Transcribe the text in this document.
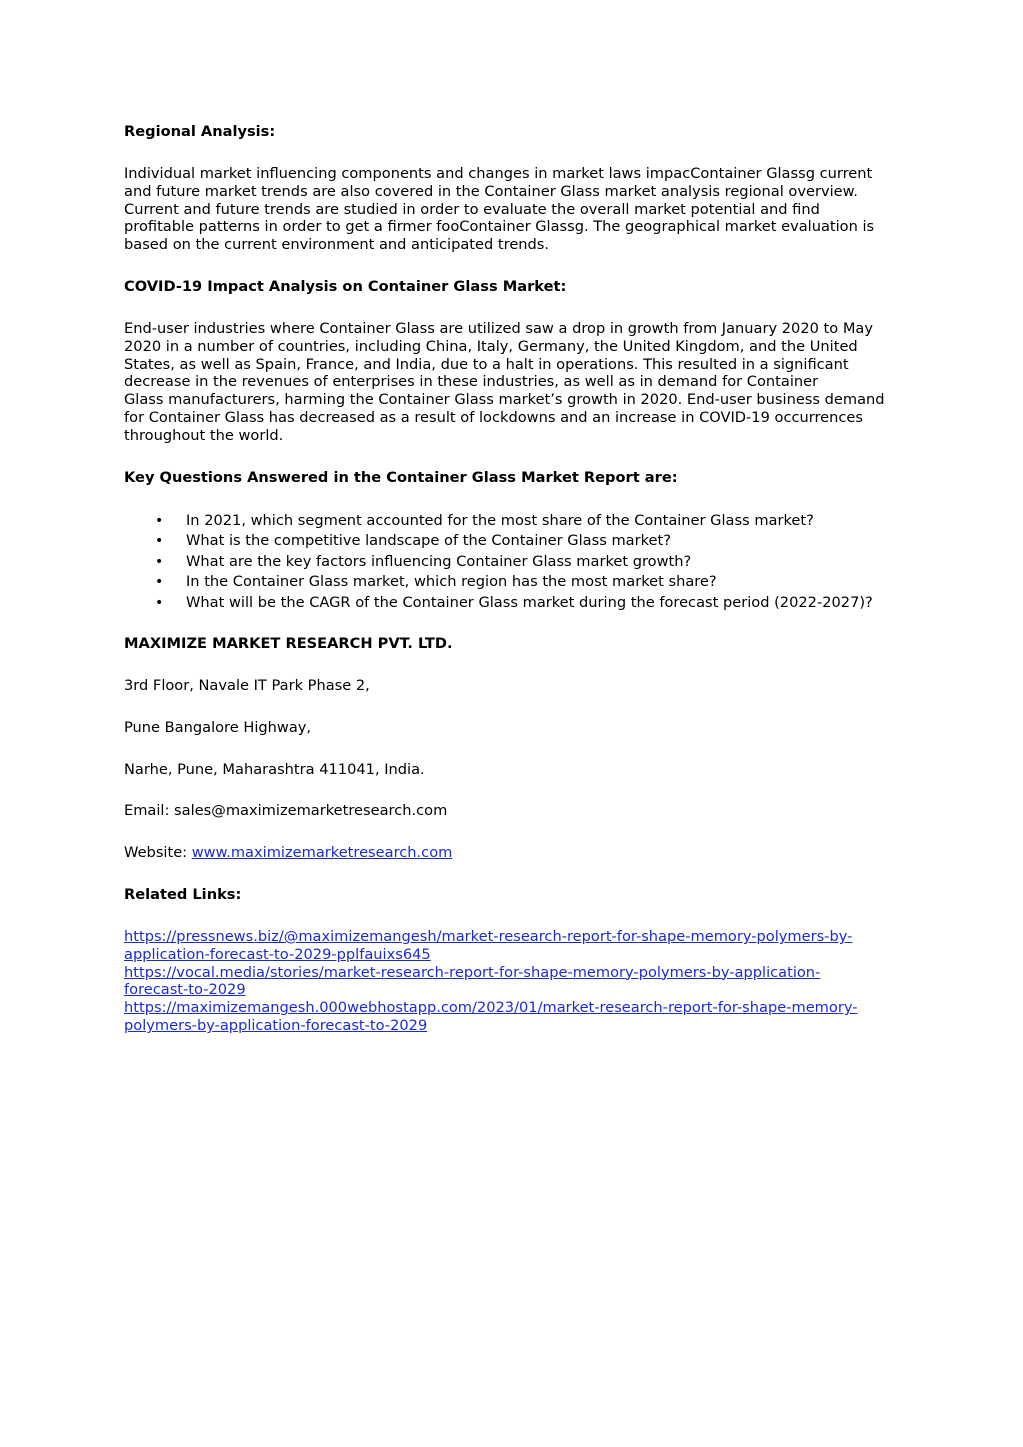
Regional Analysis:

Individual market influencing components and changes in market laws impacContainer Glassg current
and future market trends are also covered in the Container Glass market analysis regional overview.
Current and future trends are studied in order to evaluate the overall market potential and find
profitable patterns in order to get a firmer fooContainer Glassg. The geographical market evaluation is
based on the current environment and anticipated trends.

COVID-19 Impact Analysis on Container Glass Market:

End-user industries where Container Glass are utilized saw a drop in growth from January 2020 to May
2020 in a number of countries, including China, Italy, Germany, the United Kingdom, and the United
States, as well as Spain, France, and India, due to a halt in operations. This resulted in a significant
decrease in the revenues of enterprises in these industries, as well as in demand for Container
Glass manufacturers, harming the Container Glass market’s growth in 2020. End-user business demand
for Container Glass has decreased as a result of lockdowns and an increase in COVID-19 occurrences
throughout the world.

Key Questions Answered in the Container Glass Market Report are:

• In 2021, which segment accounted for the most share of the Container Glass market?
• What is the competitive landscape of the Container Glass market?
• What are the key factors influencing Container Glass market growth?
• In the Container Glass market, which region has the most market share?
• What will be the CAGR of the Container Glass market during the forecast period (2022-2027)?

MAXIMIZE MARKET RESEARCH PVT. LTD.

3rd Floor, Navale IT Park Phase 2,

Pune Bangalore Highway,

Narhe, Pune, Maharashtra 411041, India.

Email: sales@maximizemarketresearch.com

Website: www.maximizemarketresearch.com

Related Links:

https://pressnews.biz/@maximizemangesh/market-research-report-for-shape-memory-polymers-by-
application-forecast-to-2029-pplfauixs645
https://vocal.media/stories/market-research-report-for-shape-memory-polymers-by-application-
forecast-to-2029
https://maximizemangesh.000webhostapp.com/2023/01/market-research-report-for-shape-memory-
polymers-by-application-forecast-to-2029
